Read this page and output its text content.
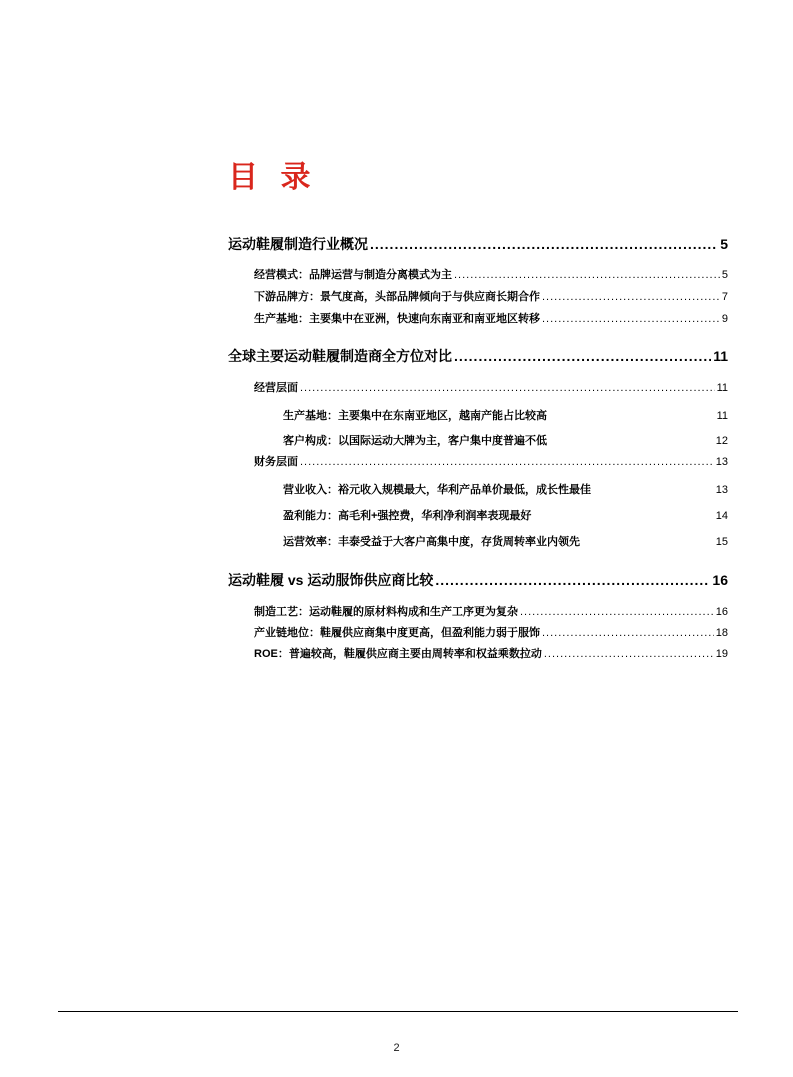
目 录
运动鞋履制造行业概况 .....	5
经营模式：品牌运营与制造分离模式为主 .....	5
下游品牌方：景气度高，头部品牌倾向于与供应商长期合作 .....	7
生产基地：主要集中在亚洲，快速向东南亚和南亚地区转移 .....	9
全球主要运动鞋履制造商全方位对比 .....	11
经营层面 .....	11
生产基地：主要集中在东南亚地区，越南产能占比较高	11
客户构成：以国际运动大牌为主，客户集中度普遍不低	12
财务层面 .....	13
营业收入：裕元收入规模最大，华利产品单价最低，成长性最佳	13
盈利能力：高毛利+强控费，华利净利润率表现最好	14
运营效率：丰泰受益于大客户高集中度，存货周转率业内领先	15
运动鞋履 vs 运动服饰供应商比较 .....	16
制造工艺：运动鞋履的原材料构成和生产工序更为复杂 .....	16
产业链地位：鞋履供应商集中度更高，但盈利能力弱于服饰 .....	18
ROE：普遍较高，鞋履供应商主要由周转率和权益乘数拉动 .....	19
2
